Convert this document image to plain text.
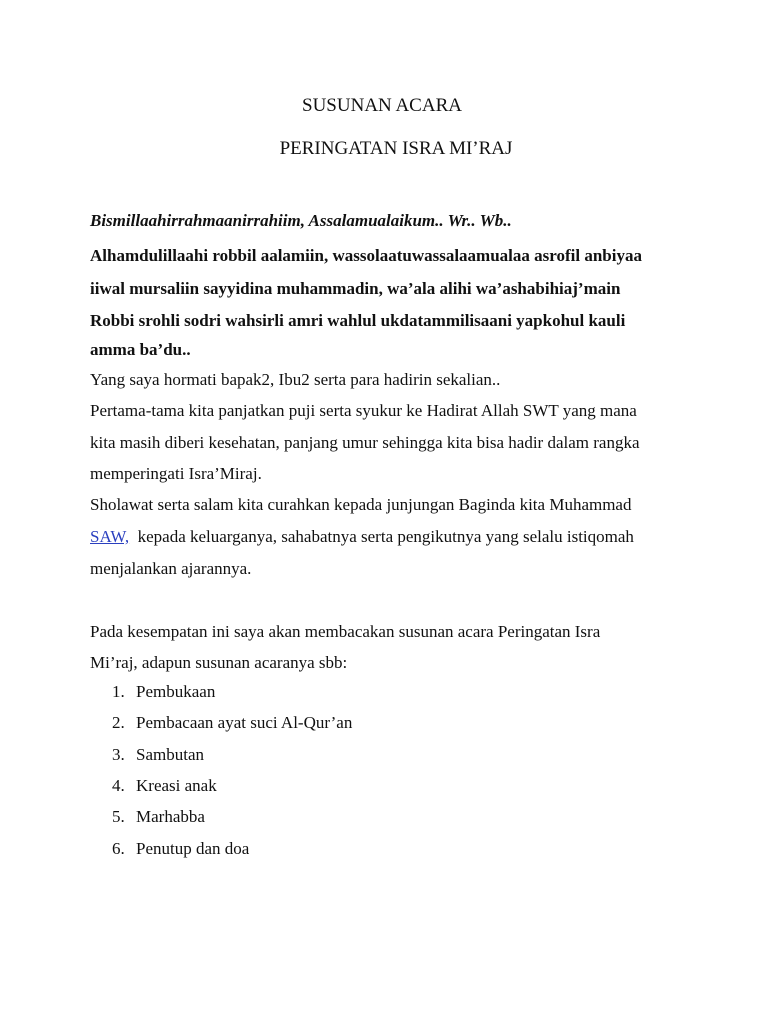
SUSUNAN ACARA
PERINGATAN ISRA MI’RAJ
Bismillaahirrahmaanirrahiim, Assalamualaikum.. Wr.. Wb..
Alhamdulillaahi robbil aalamiin, wassolaatuwassalaamualaa asrofil anbiyaa
iiwal mursaliin sayyidina muhammadin, wa’ala alihi wa’ashabihiaj’main
Robbi srohli sodri wahsirli amri wahlul ukdatammilisaani yapkohul kauli
amma ba’du..
Yang saya hormati bapak2, Ibu2 serta para hadirin sekalian..
Pertama-tama kita panjatkan puji serta syukur ke Hadirat Allah SWT yang mana
kita masih diberi kesehatan, panjang umur sehingga kita bisa hadir dalam rangka
memperingati Isra’Miraj.
Sholawat serta salam kita curahkan kepada junjungan Baginda kita Muhammad
SAW, kepada keluarganya, sahabatnya serta pengikutnya yang selalu istiqomah
menjalankan ajarannya.
Pada kesempatan ini saya akan membacakan susunan acara Peringatan Isra
Mi’raj, adapun susunan acaranya sbb:
1. Pembukaan
2. Pembacaan ayat suci Al-Qur’an
3. Sambutan
4. Kreasi anak
5. Marhabba
6. Penutup dan doa
